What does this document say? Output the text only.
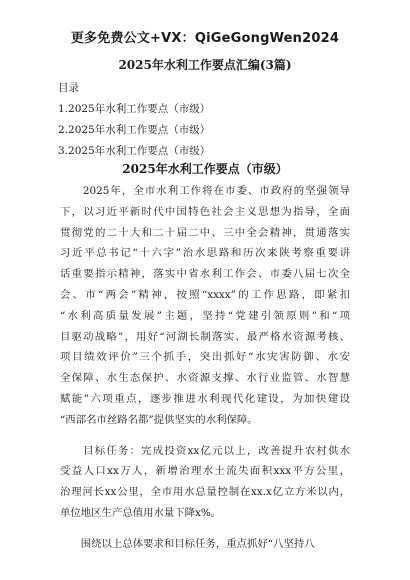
更多免费公文+VX：QiGeGongWen2024
2025年水利工作要点汇编(3篇)
目录
1.2025年水利工作要点（市级）
2.2025年水利工作要点（市级）
3.2025年水利工作要点（市级）
2025年水利工作要点（市级）
　　2025年，全市水利工作将在市委、市政府的坚强领导
下，以习近平新时代中国特色社会主义思想为指导，全面
贯彻党的二十大和二十届二中、三中全会精神，贯通落实
习近平总书记“十六字”治水思路和历次来陕考察重要讲
话重要指示精神，落实中省水利工作会、市委八届七次全
会、市“两会”精神，按照“xxxx”的工作思路，即紧扣
“水利高质量发展”主题，坚持“党建引领原则”和“项
目驱动战略”，用好“河湖长制落实、最严格水资源考核、
项目绩效评价”三个抓手，突出抓好“水灾害防御、水安
全保障、水生态保护、水资源支撑、水行业监管、水智慧
赋能”六项重点，逐步推进水利现代化建设，为加快建设
“西部名市丝路名都”提供坚实的水利保障。
　　目标任务：完成投资xx亿元以上，改善提升农村供水
受益人口xx万人，新增治理水土流失面积xxx平方公里，
治理河长xx公里，全市用水总量控制在xx.x亿立方米以内，
单位地区生产总值用水量下降x%。
　　围绕以上总体要求和目标任务，重点抓好“八坚持八
